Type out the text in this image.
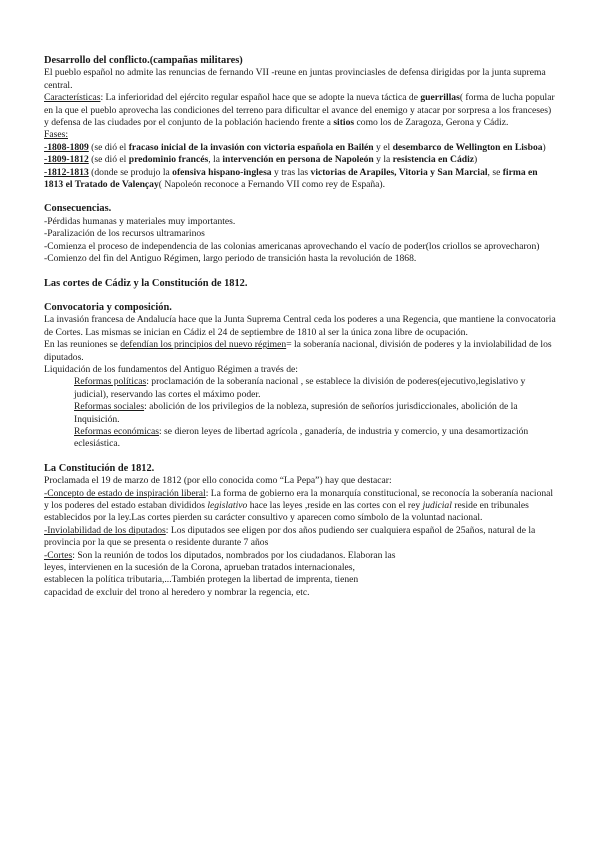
Desarrollo del conflicto.(campañas militares)

El pueblo español no admite las renuncias de fernando VII -reune en juntas provinciasles de defensa dirigidas por la junta suprema central.

Características: La inferioridad del ejército regular español hace que se adopte la nueva táctica de guerrillas( forma de lucha popular en la que el pueblo aprovecha las condiciones del terreno para dificultar el avance del enemigo y atacar por sorpresa a los franceses) y defensa de las ciudades por el conjunto de la población haciendo frente a sitios como los de Zaragoza, Gerona y Cádiz.

Fases:

-1808-1809 (se dió el fracaso inicial de la invasión con victoria española en Bailén y el desembarco de Wellington en Lisboa)

-1809-1812 (se dió el predominio francés, la intervención en persona de Napoleón y la resistencia en Cádiz)

-1812-1813 (donde se produjo la ofensiva hispano-inglesa y tras las victorias de Arapiles, Vitoria y San Marcial, se firma en 1813 el Tratado de Valençay( Napoleón reconoce a Fernando VII como rey de España).

Consecuencias.

-Pérdidas humanas y materiales muy importantes.

-Paralización de los recursos ultramarinos

-Comienza el proceso de independencia de las colonias americanas aprovechando el vacío de poder(los criollos se aprovecharon)

-Comienzo del fin del Antiguo Régimen, largo periodo de transición hasta la revolución de 1868.

Las cortes de Cádiz y la Constitución de 1812.

Convocatoria y composición.

La invasión francesa de Andalucía hace que la Junta Suprema Central ceda los poderes a una Regencia, que mantiene la convocatoria de Cortes. Las mismas se inician en Cádiz el 24 de septiembre de 1810 al ser la única zona libre de ocupación.

En las reuniones se defendían los principios del nuevo régimen= la soberanía nacional, división de poderes y la inviolabilidad de los diputados.

Liquidación de los fundamentos del Antiguo Régimen a través de:

Reformas políticas: proclamación de la soberanía nacional , se establece la división de poderes(ejecutivo,legislativo y judicial), reservando las cortes el máximo poder.

Reformas sociales: abolición de los privilegios de la nobleza, supresión de señoríos jurisdiccionales, abolición de la Inquisición.

Reformas económicas: se dieron leyes de libertad agrícola , ganadería, de industria y comercio, y una desamortización eclesiástica.

La Constitución de 1812.

Proclamada el 19 de marzo de 1812 (por ello conocida como “La Pepa”) hay que destacar:

-Concepto de estado de inspiración liberal: La forma de gobierno era la monarquía constitucional, se reconocía la soberanía nacional y los poderes del estado estaban divididos legislativo hace las leyes ,reside en las cortes con el rey judicial reside en tribunales establecidos por la ley.Las cortes pierden su carácter consultivo y aparecen como símbolo de la voluntad nacional.

-Inviolabilidad de los diputados: Los diputados see eligen por dos años pudiendo ser cualquiera español de 25años, natural de la provincia por la que se presenta o residente durante 7 años

-Cortes: Son la reunión de todos los diputados, nombrados por los ciudadanos. Elaboran las

leyes, intervienen en la sucesión de la Corona, aprueban tratados internacionales,

establecen la política tributaria,...También protegen la libertad de imprenta, tienen

capacidad de excluir del trono al heredero y nombrar la regencia, etc.
